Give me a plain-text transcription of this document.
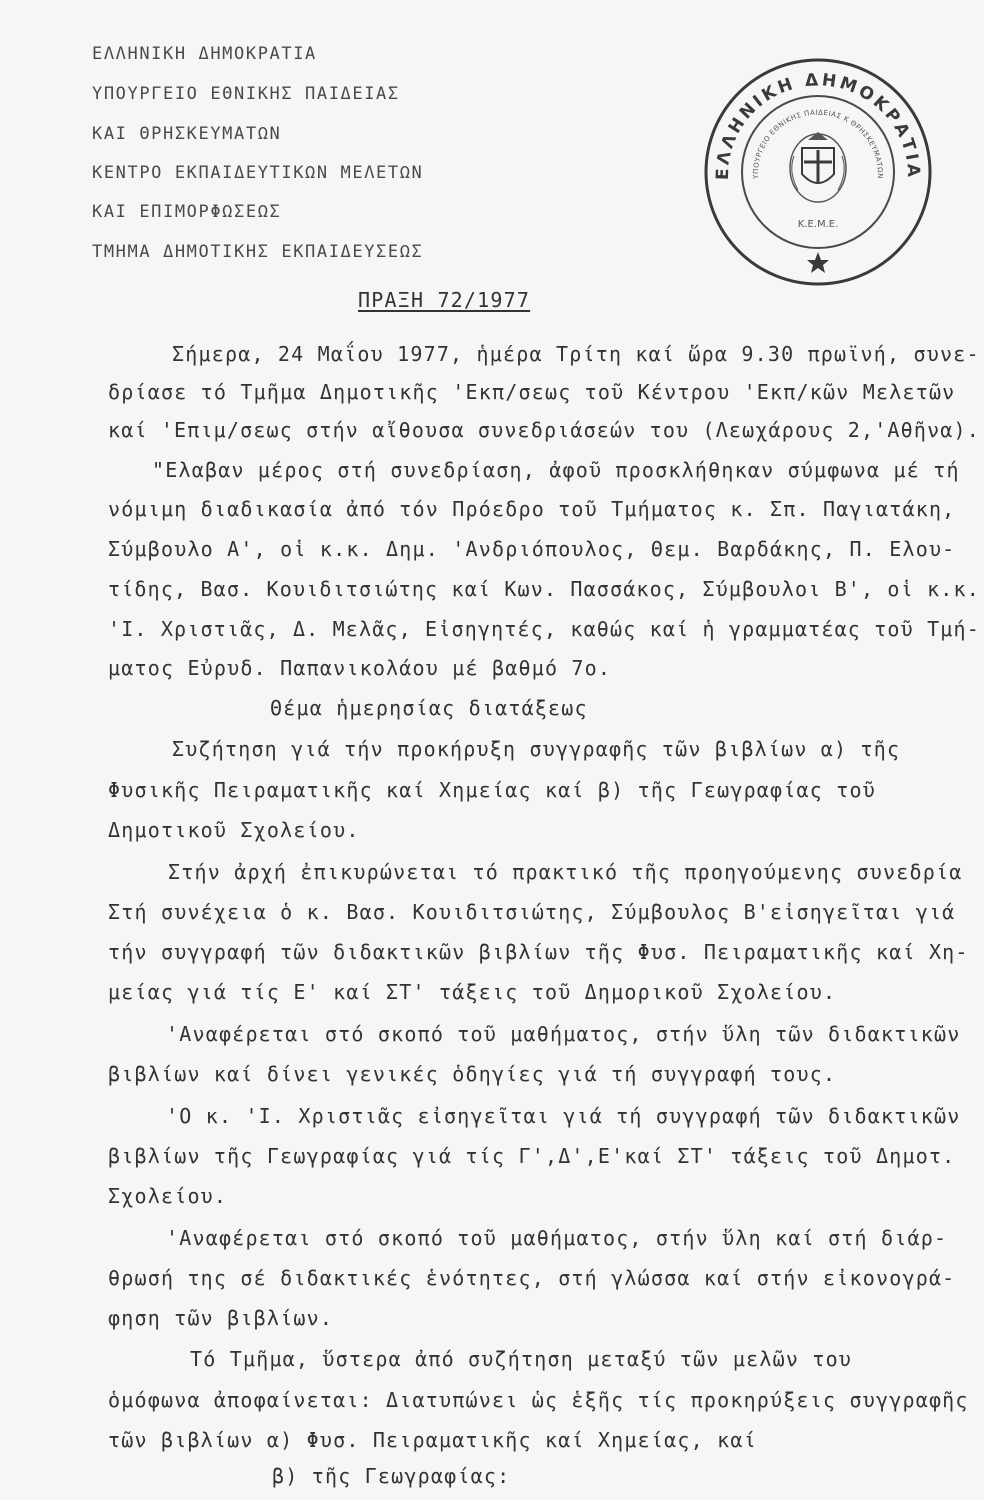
ΕΛΛΗΝΙΚΗ ΔΗΜΟΚΡΑΤΙΑ
ΥΠΟΥΡΓΕΙΟ ΕΘΝΙΚΗΣ ΠΑΙΔΕΙΑΣ
ΚΑΙ ΘΡΗΣΚΕΥΜΑΤΩΝ
ΚΕΝΤΡΟ ΕΚΠΑΙΔΕΥΤΙΚΩΝ ΜΕΛΕΤΩΝ
ΚΑΙ ΕΠΙΜΟΡΦΩΣΕΩΣ
ΤΜΗΜΑ ΔΗΜΟΤΙΚΗΣ ΕΚΠΑΙΔΕΥΣΕΩΣ
ΕΛΛΗΝΙΚΗ ΔΗΜΟΚΡΑΤΙΑ
ΥΠΟΥΡΓΕΙΟ ΕΘΝΙΚΗΣ ΠΑΙΔΕΙΑΣ Κ ΘΡΗΣΚΕΥΜΑΤΩΝ
Κ.Ε.Μ.Ε.
ΠΡΑΞΗ 72/1977
Σήμερα, 24 Μαΐου 1977, ἡμέρα Τρίτη καί ὥρα 9.30 πρωϊνή, συνε-
δρίασε τό Τμῆμα Δημοτικῆς 'Εκπ/σεως τοῦ Κέντρου 'Εκπ/κῶν Μελετῶν
καί 'Επιμ/σεως στήν αἴθουσα συνεδριάσεών του (Λεωχάρους 2,'Αθῆνα).
"Ελαβαν μέρος στή συνεδρίαση, ἀφοῦ προσκλήθηκαν σύμφωνα μέ τή
νόμιμη διαδικασία ἀπό τόν Πρόεδρο τοῦ Τμήματος κ. Σπ. Παγιατάκη,
Σύμβουλο Α', οἱ κ.κ. Δημ. 'Ανδριόπουλος, Θεμ. Βαρδάκης, Π. Ελου-
τίδης, Βασ. Κουιδιτσιώτης καί Κων. Πασσάκος, Σύμβουλοι Β', οἱ κ.κ.
'Ι. Χριστιᾶς, Δ. Μελᾶς, Εἰσηγητές, καθώς καί ἡ γραμματέας τοῦ Τμή-
ματος Εὐρυδ. Παπανικολάου μέ βαθμό 7ο.
Θέμα ἡμερησίας διατάξεως
Συζήτηση γιά τήν προκήρυξη συγγραφῆς τῶν βιβλίων α) τῆς
Φυσικῆς Πειραματικῆς καί Χημείας καί β) τῆς Γεωγραφίας τοῦ
Δημοτικοῦ Σχολείου.
Στήν ἀρχή ἐπικυρώνεται τό πρακτικό τῆς προηγούμενης συνεδρία
Στή συνέχεια ὁ κ. Βασ. Κουιδιτσιώτης, Σύμβουλος Β'εἰσηγεῖται γιά
τήν συγγραφή τῶν διδακτικῶν βιβλίων τῆς Φυσ. Πειραματικῆς καί Χη-
μείας γιά τίς Ε' καί ΣΤ' τάξεις τοῦ Δημορικοῦ Σχολείου.
'Αναφέρεται στό σκοπό τοῦ μαθήματος, στήν ὕλη τῶν διδακτικῶν
βιβλίων καί δίνει γενικές ὁδηγίες γιά τή συγγραφή τους.
'Ο κ. 'Ι. Χριστιᾶς εἰσηγεῖται γιά τή συγγραφή τῶν διδακτικῶν
βιβλίων τῆς Γεωγραφίας γιά τίς Γ',Δ',Ε'καί ΣΤ' τάξεις τοῦ Δημοτ.
Σχολείου.
'Αναφέρεται στό σκοπό τοῦ μαθήματος, στήν ὕλη καί στή διάρ-
θρωσή της σέ διδακτικές ἑνότητες, στή γλώσσα καί στήν εἰκονογρά-
φηση τῶν βιβλίων.
Τό Τμῆμα, ὕστερα ἀπό συζήτηση μεταξύ τῶν μελῶν του
ὁμόφωνα ἀποφαίνεται: Διατυπώνει ὡς ἑξῆς τίς προκηρύξεις συγγραφῆς
τῶν βιβλίων α) Φυσ. Πειραματικῆς καί Χημείας, καί
β) τῆς Γεωγραφίας:
